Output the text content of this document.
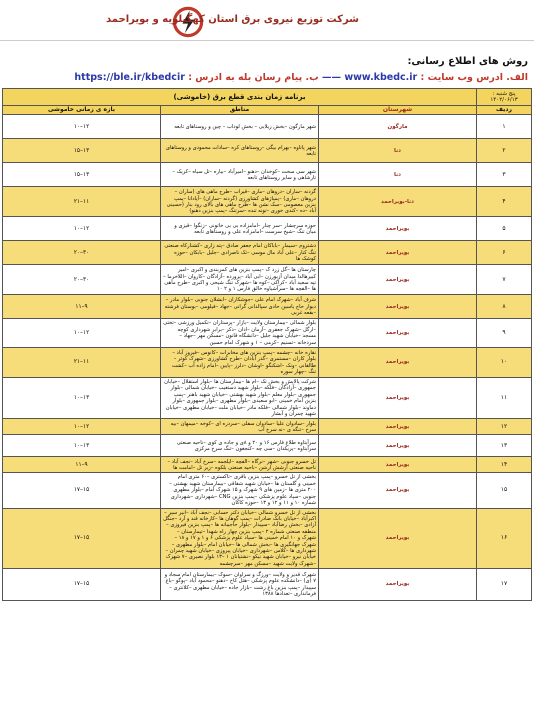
شرکت توزیع نیروی برق استان کهگیلویه و بویراحمد
روش های اطلاع رسانی:
الف. آدرس وب سایت : www.kbedc.ir —— ب. پیام رسان بله به آدرس : https://ble.ir/kbedcir
پنج شنبه :
۱۴۰۲/۰۶/۱۳	برنامه زمان بندی قطع برق (خاموشی)		
ردیف	شهرستان	مناطق	بازه ی زمانی خاموشی
۱	مارگون	شهر مارگون –بخش زیلایی – بخش لوداب – چین و روستاهای تابعه	۱۲–۱۰
۲	دنا	شهر پاتاوه –بهرام بیگی –روستاهای کره –سادات محمودی و روستاهای تابعه	۱۳–۱۵
۳	دنا	شهر سی سخت –کوخدان –دهنو –امیرآباد –بیاره –تل سیاه –کریک –تارشاهی و سایر روستاهای تابعه	۱۳–۱۵
۴	دنا-بویراحمد	گردنه –ساران –دروهان –ماری –قیراب –طرح ماهی های (ساران –دروهان –ماری) –پمپاژهای کشاورزی (گردنه –ساران) –آپادانا –پمپ بنزین معصومی –سک نشن ها –طرح ماهی های بالای رود بنار (حسینی آباد –ده –کندی خوری –تونه تنده –سرتنگ –پمپ بنزین دهنو)	۱۱–۲۱
۵	بویراحمد	حوزه سرچشار –سر چنار –امامزاده بی بی خاتونی –زنگوا –قیزی و میان تنگ –شیخ سرست –امامزاده علی و روستاهای تابعه	۱۲–۱۰
۶	بویراحمد	دشتروم –سیمار –باباکان امام جعفر صادق –پته زاری –کشنارکاه صنعتی تنگ کنار –علی آباد مال موسی –تک ناصرادی –جلیل –بابکان –حوزه کوشک ها	۳۰–۲۰
۷	بویراحمد	چارستان ها –گل زرد ک –پمپ بنزین های کمربندی و اکبری –امیر کبیرهالدا میدان آزیورزن –ابی آباد –پرورده –آزادگان –کاروان –اللاخرما –تپه سعید آباد –کراکی –کوه ها –شهرک تنگ شیخی و اکبری –طرح ماهی ها –الفچه ها –سرآشیاوه خالق فارس ۱ و ۲ ۱۰	۳۰–۲۰
۸	بویراحمد	شرف آباد –شهرک امام علی –جوشکاران –ابشلان جنوبی –بلوار مادر –دیوار حاج یاسین حادی سپالدانی گرانی –جهاد –فیلومی –بوستان فرشته –بقعه غربی	۹–۱۱
۹	بویراحمد	بلوار شمالی –بیمارستان ولایت –بازار –پرستاران –تکمیل ورزشی –تختی –ارگل –شهرک جعفری –آرمان –اذان –ذکر –برابر شهرداری کوچه مسجد –خیابان شهید جلیل –دانشگاه قانون –مسکن مهر –جهاد –سردخانه –تسنیم –کرمی – ۱ و شهرک امام حسین	۱۲–۱۰
۱۰	بویراحمد	نقاره خانه –چشمه –پمپ بنزین های مخابرات –کانوس –فیروز آباد –بلوار کاران –مستمری –گذر آبادان –طرح کشاورزی –شهرک کوثر –طالقانی –ونک –اشکنگو –اوشان –دلرز –پایین –امام زاده آب –کشت تنگ –چهار سوره	۱۱–۲۱
۱۱	بویراحمد	شرکت پالایش و بخش تک –ام ها –بیمارستان ها –بلوار استقلال –خیابان جمهوری –آزادگان –فلکه –بلوار شهید دستغیب –خیابان شمالی –بلوار جمهوری –بلوار معلم –بلوار شهید بهشتی –خیابان شهید باهنر –پمپ بنزین امام خمینی –ابو سعیدی –بلوار مطهری –بلوار جمهوری –بلوار دماوند –بلوار شمالی –فلکه مادر –خیابان ملت –خیابان مطهری –خیابان شهید چمران و آبشار	۱۳–۱۰
۱۲	بویراحمد	بلوار –سادوان علیا –سادوان سفلی –سردره ای –کوخه –میمهان –بیه سرخ –تنگه ی –نه سرخ آب	۱۲–۱۰
۱۳	بویراحمد	سرآبتاوه طلاع فارس ۱۶ و ۲۰ و ۸ی و جاده ی کوی –ناحیه صنعتی سرآبتاوه –پریکدان –سی چه –کنجغون –تنگ سرخ مرکزی	۱۳–۱۰
۱۴	بویراحمد	تل خسرو جنوبی –شهر –نرگاه –الفچه –ایلجمه –سرخ آباد –نجف آباد –ناحیه صنعتی ارشش ارشن –ناحیه صنعتی بلکوه –زیر تل –امامت ها	۹–۱۱
۱۵	بویراحمد	بخشی از تل خسرو –پمپ بنزین باقری –تاکستری –۶۰ متری امام خمینی و گلستان ها –خیابان شهید شقاقی –بیمارستان شهید بهشتی –۲۰۰ متری ها –زمین های ۹ شهرک و ۱۵ شهرک امام –بلوار مطهری جنوبی –سپاد علوم پزشکی –پمپ بنزین CNG –شهرداری –شهرداری شماره ۱۰ و ۱۱ و ۱۲ و ۱۳ –حوزه کاکان	۱۵–۱۷
۱۶	بویراحمد	بخشی از تل خسرو شمالی –خیابان دکتر حسابی –نجف آباد –انیر سپر –اکبرآباد –خیابان بانک صادرات –پمپ گوهان ها –کارخانه قند و آرد –جنگل آزادی –بخش رضاآباد –سپیدار –بلوار حاجیبانه ها –پمپ بنزین فیروزی –منطقه صنعتی شماره ۲ –پمپ بنزین چهار راه شهدا –تیمارستان –شهرک و ۱۰ امام خمینی ها –سپاد علوم پزشکی ۶ و ۱ و ۱۷ و ۱۸ –شهرک جهانگیری ها –بخش شمالی ها –خیابان امام –بلوار مطهری –شهرداری ها –کلاس –شهرداری –خیابان پیروزی –خیابان شهید چمران –خیابان نیرو –خیابان شهید نیکو –نشتیانان ۱ –۱۳ بلوار نصیری –۷ شهرک –شهرک ولایت شهید –مسکن مهر –سرچشمه	۱۵–۱۷
۱۷	بویراحمد	شهرک قدیر و ولایت –ورزگ و سراوان –سوک –بیمارستان امام سجاد و ۷ (ی) –دانشکده علوم پزشکی –هتل کاخ –دهنو –محمود آباد –پوگو –باغ سپیدار –پمپ بنزین باغ رشت –بازار جاده –خیابان مطهری –کلانتری –فرمانداری –تعدادها ۱۳۸۸	۱۵–۱۷
